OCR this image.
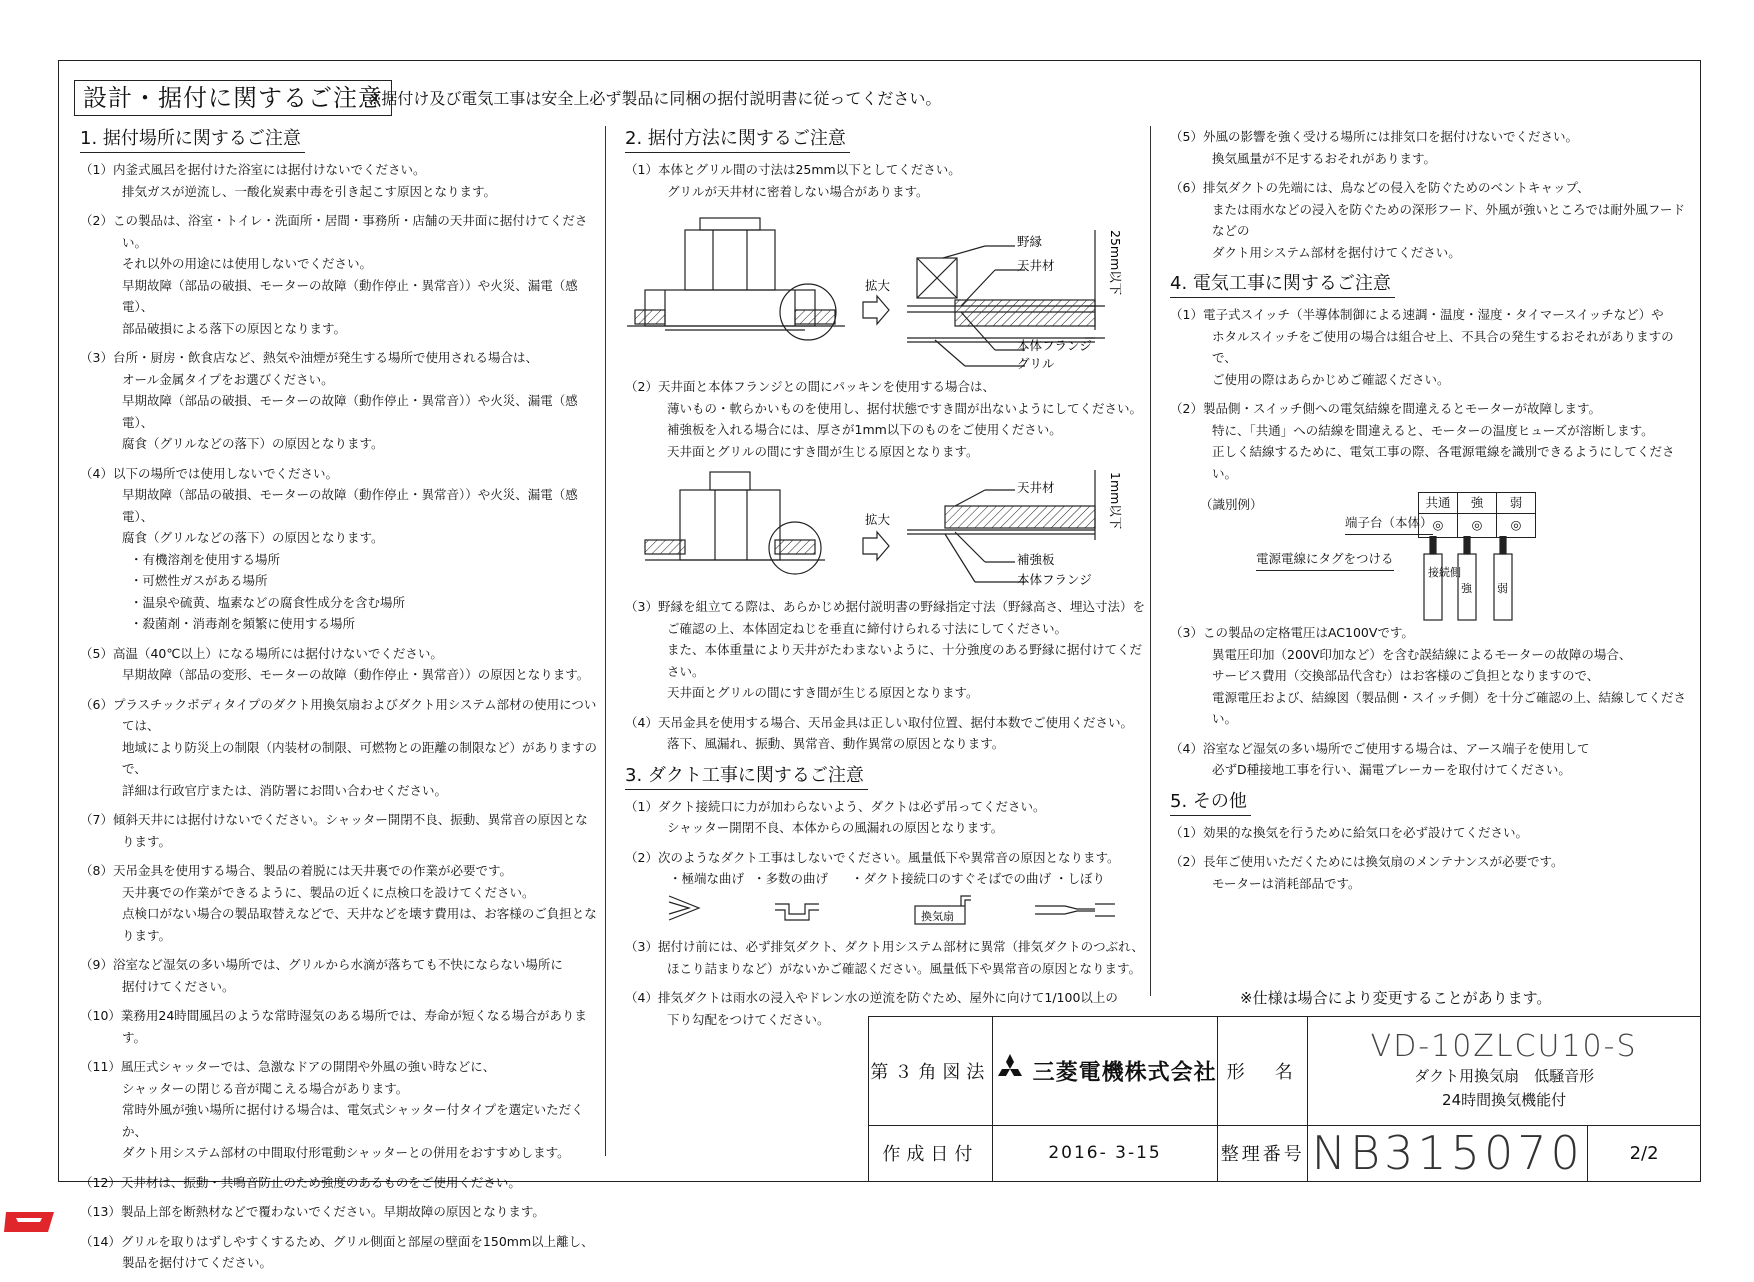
設計・据付に関するご注意
※据付け及び電気工事は安全上必ず製品に同梱の据付説明書に従ってください。
1. 据付場所に関するご注意
（1）内釜式風呂を据付けた浴室には据付けないでください。
排気ガスが逆流し、一酸化炭素中毒を引き起こす原因となります。
（2）この製品は、浴室・トイレ・洗面所・居間・事務所・店舗の天井面に据付けてください。
それ以外の用途には使用しないでください。
早期故障（部品の破損、モーターの故障（動作停止・異常音））や火災、漏電（感電）、
部品破損による落下の原因となります。
（3）台所・厨房・飲食店など、熱気や油煙が発生する場所で使用される場合は、
オール金属タイプをお選びください。
早期故障（部品の破損、モーターの故障（動作停止・異常音））や火災、漏電（感電）、
腐食（グリルなどの落下）の原因となります。
（4）以下の場所では使用しないでください。
早期故障（部品の破損、モーターの故障（動作停止・異常音））や火災、漏電（感電）、
腐食（グリルなどの落下）の原因となります。
・有機溶剤を使用する場所
・可燃性ガスがある場所
・温泉や硫黄、塩素などの腐食性成分を含む場所
・殺菌剤・消毒剤を頻繁に使用する場所
（5）高温（40℃以上）になる場所には据付けないでください。
早期故障（部品の変形、モーターの故障（動作停止・異常音））の原因となります。
（6）プラスチックボディタイプのダクト用換気扇およびダクト用システム部材の使用については、
地域により防災上の制限（内装材の制限、可燃物との距離の制限など）がありますので、
詳細は行政官庁または、消防署にお問い合わせください。
（7）傾斜天井には据付けないでください。シャッター開閉不良、振動、異常音の原因となります。
（8）天吊金具を使用する場合、製品の着脱には天井裏での作業が必要です。
天井裏での作業ができるように、製品の近くに点検口を設けてください。
点検口がない場合の製品取替えなどで、天井などを壊す費用は、お客様のご負担となります。
（9）浴室など湿気の多い場所では、グリルから水滴が落ちても不快にならない場所に
据付けてください。
（10）業務用24時間風呂のような常時湿気のある場所では、寿命が短くなる場合があります。
（11）風圧式シャッターでは、急激なドアの開閉や外風の強い時などに、
シャッターの閉じる音が聞こえる場合があります。
常時外風が強い場所に据付ける場合は、電気式シャッター付タイプを選定いただくか、
ダクト用システム部材の中間取付形電動シャッターとの併用をおすすめします。
（12）天井材は、振動・共鳴音防止のため強度のあるものをご使用ください。
（13）製品上部を断熱材などで覆わないでください。早期故障の原因となります。
（14）グリルを取りはずしやすくするため、グリル側面と部屋の壁面を150mm以上離し、
製品を据付けてください。
2. 据付方法に関するご注意
（1）本体とグリル間の寸法は25mm以下としてください。
グリルが天井材に密着しない場合があります。
拡大
野縁
天井材
本体フランジ
グリル
25mm以下
（2）天井面と本体フランジとの間にパッキンを使用する場合は、
薄いもの・軟らかいものを使用し、据付状態ですき間が出ないようにしてください。
補強板を入れる場合には、厚さが1mm以下のものをご使用ください。
天井面とグリルの間にすき間が生じる原因となります。
拡大
天井材
補強板
本体フランジ
1mm以下
（3）野縁を組立てる際は、あらかじめ据付説明書の野縁指定寸法（野縁高さ、埋込寸法）を
ご確認の上、本体固定ねじを垂直に締付けられる寸法にしてください。
また、本体重量により天井がたわまないように、十分強度のある野縁に据付けてください。
天井面とグリルの間にすき間が生じる原因となります。
（4）天吊金具を使用する場合、天吊金具は正しい取付位置、据付本数でご使用ください。
落下、風漏れ、振動、異常音、動作異常の原因となります。
3. ダクト工事に関するご注意
（1）ダクト接続口に力が加わらないよう、ダクトは必ず吊ってください。
シャッター開閉不良、本体からの風漏れの原因となります。
（2）次のようなダクト工事はしないでください。風量低下や異常音の原因となります。
・極端な曲げ ・多数の曲げ ・ダクト接続口のすぐそばでの曲げ ・しぼり
換気扇
（3）据付け前には、必ず排気ダクト、ダクト用システム部材に異常（排気ダクトのつぶれ、
ほこり詰まりなど）がないかご確認ください。風量低下や異常音の原因となります。
（4）排気ダクトは雨水の浸入やドレン水の逆流を防ぐため、屋外に向けて1/100以上の
下り勾配をつけてください。
（5）外風の影響を強く受ける場所には排気口を据付けないでください。
換気風量が不足するおそれがあります。
（6）排気ダクトの先端には、鳥などの侵入を防ぐためのベントキャップ、
または雨水などの浸入を防ぐための深形フード、外風が強いところでは耐外風フードなどの
ダクト用システム部材を据付けてください。
4. 電気工事に関するご注意
（1）電子式スイッチ（半導体制御による速調・温度・湿度・タイマースイッチなど）や
ホタルスイッチをご使用の場合は組合せ上、不具合の発生するおそれがありますので、
ご使用の際はあらかじめご確認ください。
（2）製品側・スイッチ側への電気結線を間違えるとモーターが故障します。
特に、「共通」への結線を間違えると、モーターの温度ヒューズが溶断します。
正しく結線するために、電気工事の際、各電源電線を識別できるようにしてください。
（識別例）
端子台（本体）
共通	強	弱
◎	◎	◎
電源電線にタグをつける
接続側
強 弱
（3）この製品の定格電圧はAC100Vです。
異電圧印加（200V印加など）を含む誤結線によるモーターの故障の場合、
サービス費用（交換部品代含む）はお客様のご負担となりますので、
電源電圧および、結線図（製品側・スイッチ側）を十分ご確認の上、結線してください。
（4）浴室など湿気の多い場所でご使用する場合は、アース端子を使用して
必ずD種接地工事を行い、漏電ブレーカーを取付けてください。
5. その他
（1）効果的な換気を行うために給気口を必ず設けてください。
（2）長年ご使用いただくためには換気扇のメンテナンスが必要です。
モーターは消耗部品です。
※仕様は場合により変更することがあります。
第３角図法	三菱電機株式会社	形　名	VD-10ZLCU10-S
ダクト用換気扇　低騒音形
24時間換気機能付	

作成日付	2016- 3-15	整理番号	NB315070	2/2
